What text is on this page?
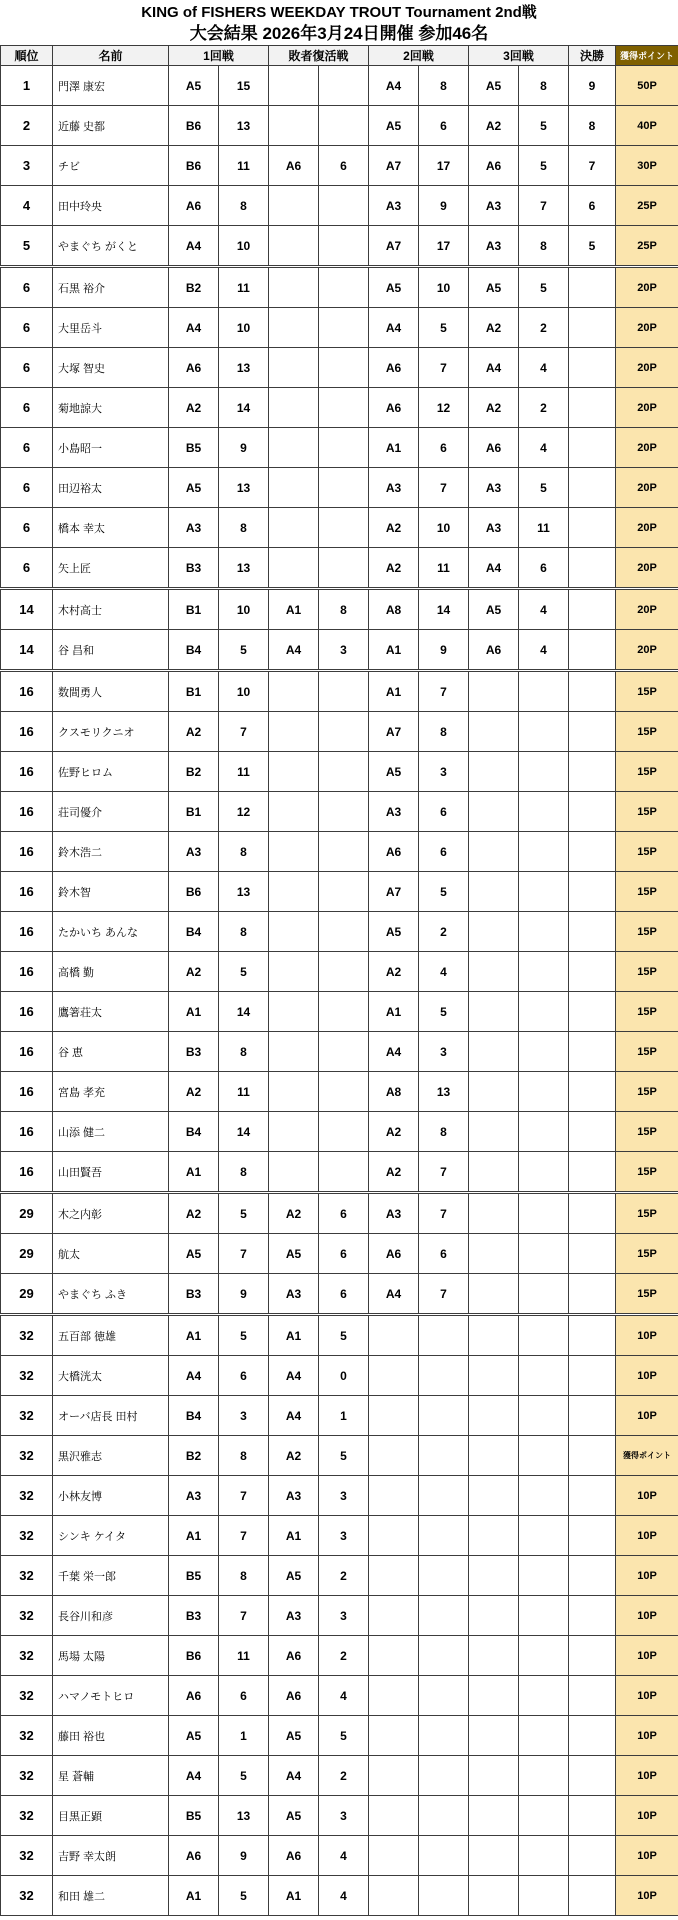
KING of FISHERS WEEKDAY TROUT Tournament 2nd戦
大会結果 2026年3月24日開催 参加46名
順位	名前	1回戦		敗者復活戦		2回戦		3回戦		決勝	獲得ポイント
1	門澤 康宏	A5	15			A4	8	A5	8	9	50P
2	近藤 史都	B6	13			A5	6	A2	5	8	40P
3	チビ	B6	11	A6	6	A7	17	A6	5	7	30P
4	田中玲央	A6	8			A3	9	A3	7	6	25P
5	やまぐち がくと	A4	10			A7	17	A3	8	5	25P
6	石黒 裕介	B2	11			A5	10	A5	5		20P
6	大里岳斗	A4	10			A4	5	A2	2		20P
6	大塚 智史	A6	13			A6	7	A4	4		20P
6	菊地諒大	A2	14			A6	12	A2	2		20P
6	小島昭一	B5	9			A1	6	A6	4		20P
6	田辺裕太	A5	13			A3	7	A3	5		20P
6	橋本 幸太	A3	8			A2	10	A3	11		20P
6	矢上匠	B3	13			A2	11	A4	6		20P
14	木村高士	B1	10	A1	8	A8	14	A5	4		20P
14	谷 昌和	B4	5	A4	3	A1	9	A6	4		20P
16	数間勇人	B1	10			A1	7				15P
16	クスモリクニオ	A2	7			A7	8				15P
16	佐野ヒロム	B2	11			A5	3				15P
16	荘司優介	B1	12			A3	6				15P
16	鈴木浩二	A3	8			A6	6				15P
16	鈴木智	B6	13			A7	5				15P
16	たかいち あんな	B4	8			A5	2				15P
16	高橋 勤	A2	5			A2	4				15P
16	鷹箸荘太	A1	14			A1	5				15P
16	谷 恵	B3	8			A4	3				15P
16	宮島 孝充	A2	11			A8	13				15P
16	山添 健二	B4	14			A2	8				15P
16	山田賢吾	A1	8			A2	7				15P
29	木之内彰	A2	5	A2	6	A3	7				15P
29	航太	A5	7	A5	6	A6	6				15P
29	やまぐち ふき	B3	9	A3	6	A4	7				15P
32	五百部 徳雄	A1	5	A1	5						10P
32	大橋洸太	A4	6	A4	0						10P
32	オーバ店長 田村	B4	3	A4	1						10P
32	黒沢雅志	B2	8	A2	5						獲得ポイント
32	小林友博	A3	7	A3	3						10P
32	シンキ ケイタ	A1	7	A1	3						10P
32	千葉 栄一郎	B5	8	A5	2						10P
32	長谷川和彦	B3	7	A3	3						10P
32	馬場 太陽	B6	11	A6	2						10P
32	ハマノモトヒロ	A6	6	A6	4						10P
32	藤田 裕也	A5	1	A5	5						10P
32	星 蒼輔	A4	5	A4	2						10P
32	目黒正顕	B5	13	A5	3						10P
32	吉野 幸太朗	A6	9	A6	4						10P
32	和田 雄二	A1	5	A1	4						10P
